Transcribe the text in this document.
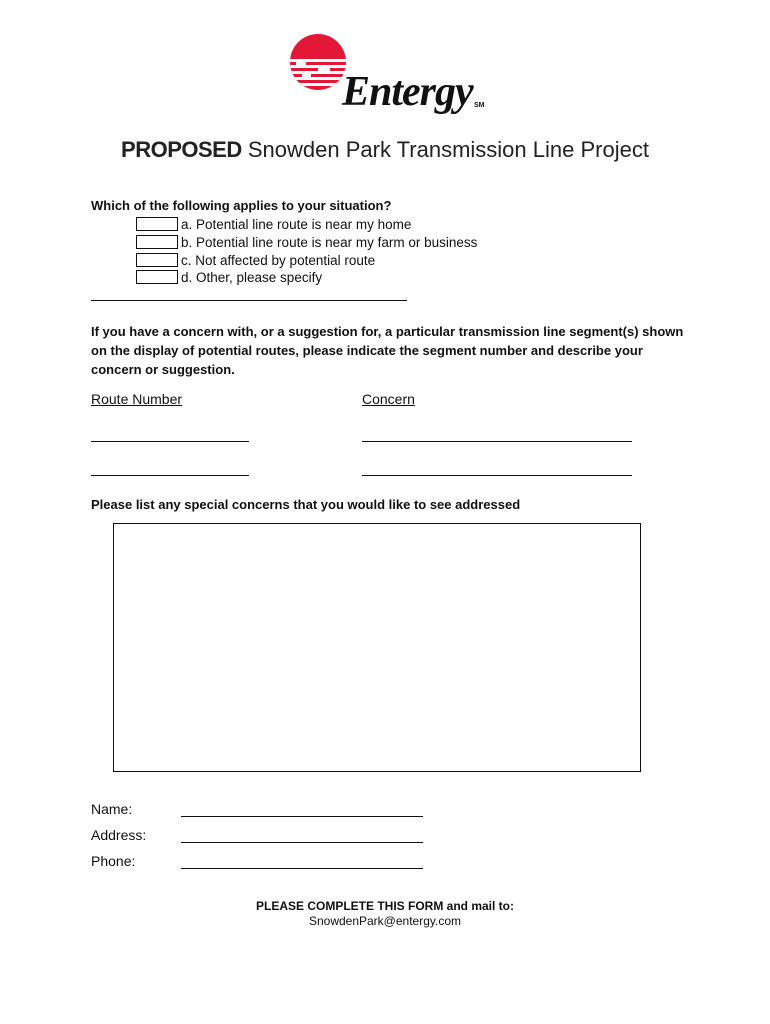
Entergy SM
PROPOSED Snowden Park Transmission Line Project
Which of the following applies to your situation?
a. Potential line route is near my home
b. Potential line route is near my farm or business
c. Not affected by potential route
d. Other, please specify
If you have a concern with, or a suggestion for, a particular transmission line segment(s) shown on the display of potential routes, please indicate the segment number and describe your concern or suggestion.
Route Number	Concern
Please list any special concerns that you would like to see addressed
Name:
Address:
Phone:
PLEASE COMPLETE THIS FORM and mail to:
SnowdenPark@entergy.com
